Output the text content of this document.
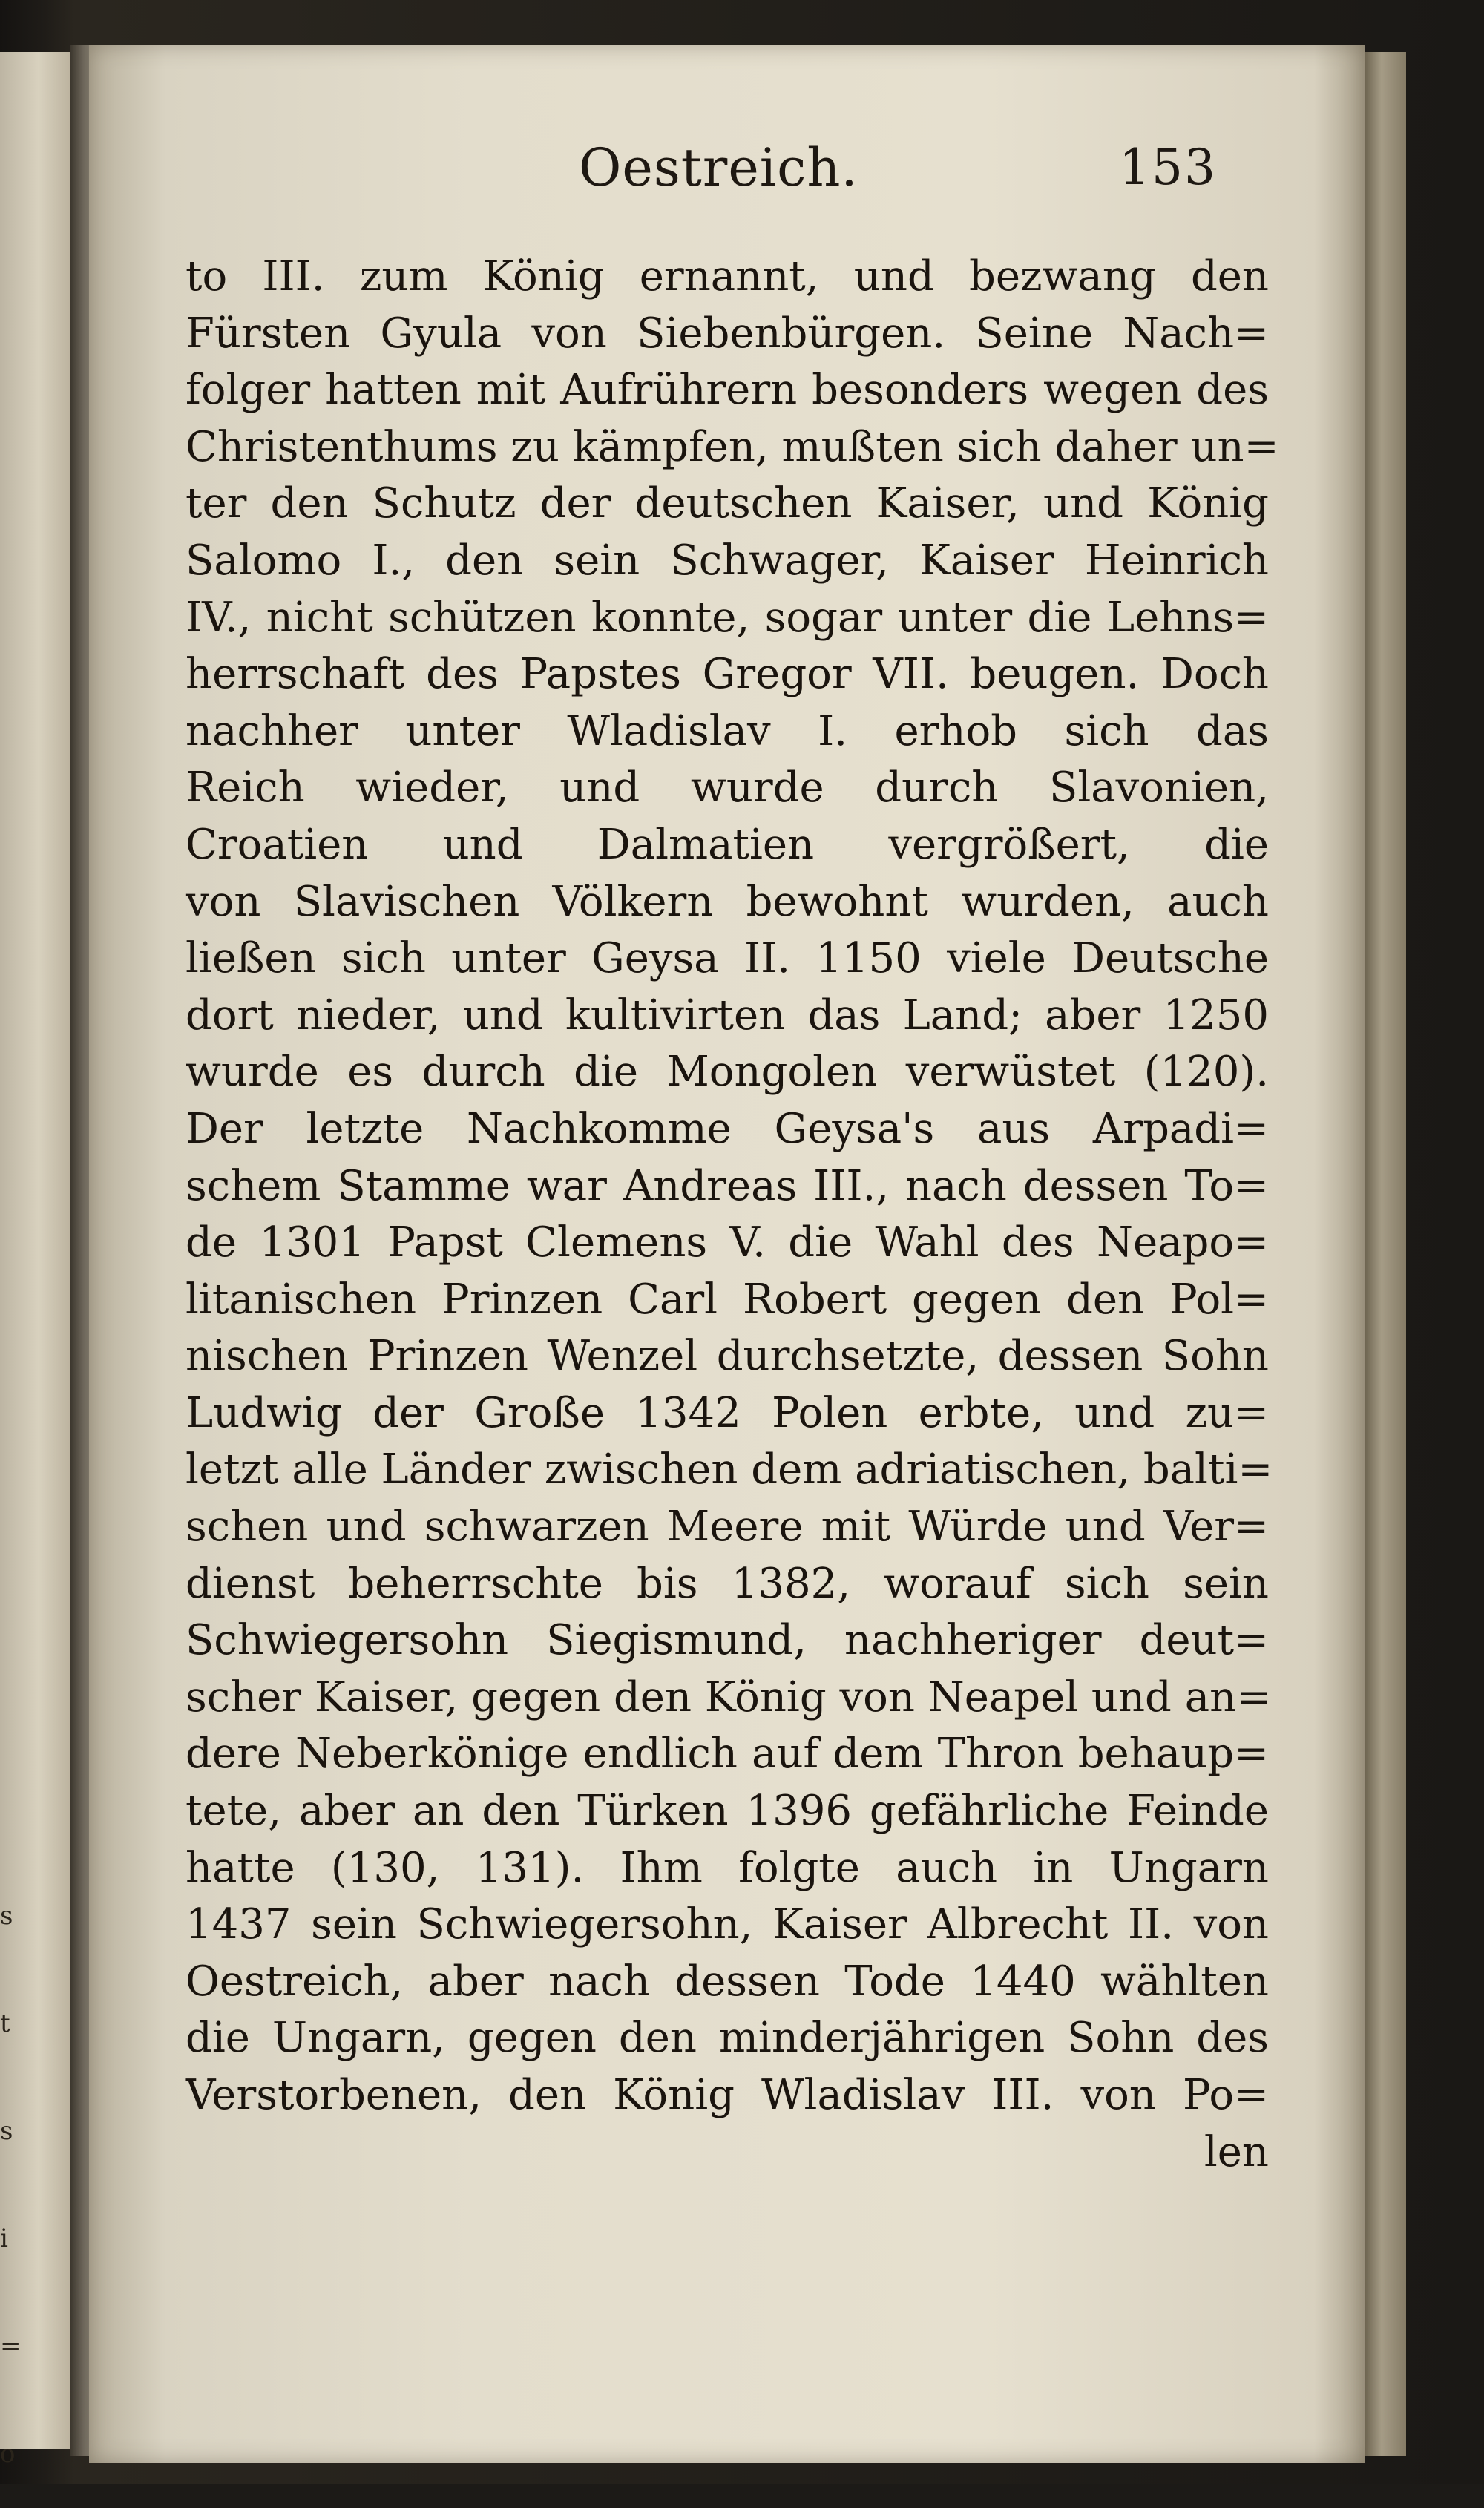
s
t
s
i
=
o
Oestreich.	153
to III. zum König ernannt, und bezwang den
Fürsten Gyula von Siebenbürgen. Seine Nach=
folger hatten mit Aufrührern besonders wegen des
Christenthums zu kämpfen, mußten sich daher un=
ter den Schutz der deutschen Kaiser, und König
Salomo I., den sein Schwager, Kaiser Heinrich
IV., nicht schützen konnte, sogar unter die Lehns=
herrschaft des Papstes Gregor VII. beugen. Doch
nachher unter Wladislav I. erhob sich das
Reich wieder, und wurde durch Slavonien,
Croatien und Dalmatien vergrößert, die
von Slavischen Völkern bewohnt wurden, auch
ließen sich unter Geysa II. 1150 viele Deutsche
dort nieder, und kultivirten das Land; aber 1250
wurde es durch die Mongolen verwüstet (120).
Der letzte Nachkomme Geysa's aus Arpadi=
schem Stamme war Andreas III., nach dessen To=
de 1301 Papst Clemens V. die Wahl des Neapo=
litanischen Prinzen Carl Robert gegen den Pol=
nischen Prinzen Wenzel durchsetzte, dessen Sohn
Ludwig der Große 1342 Polen erbte, und zu=
letzt alle Länder zwischen dem adriatischen, balti=
schen und schwarzen Meere mit Würde und Ver=
dienst beherrschte bis 1382, worauf sich sein
Schwiegersohn Siegismund, nachheriger deut=
scher Kaiser, gegen den König von Neapel und an=
dere Neberkönige endlich auf dem Thron behaup=
tete, aber an den Türken 1396 gefährliche Feinde
hatte (130, 131). Ihm folgte auch in Ungarn
1437 sein Schwiegersohn, Kaiser Albrecht II. von
Oestreich, aber nach dessen Tode 1440 wählten
die Ungarn, gegen den minderjährigen Sohn des
Verstorbenen, den König Wladislav III. von Po=
len
